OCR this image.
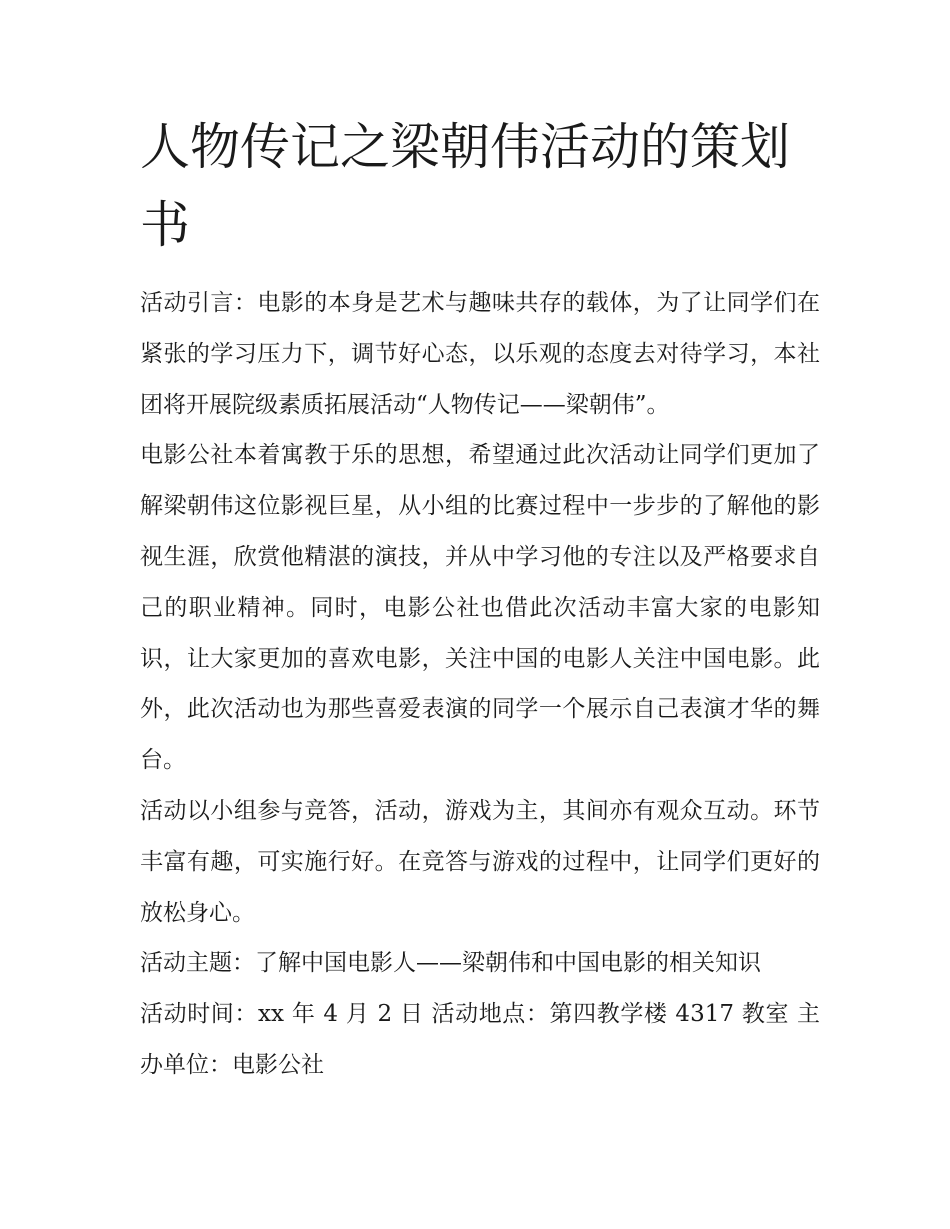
人物传记之梁朝伟活动的策划书

活动引言：电影的本身是艺术与趣味共存的载体，为了让同学们在紧张的学习压力下，调节好心态，以乐观的态度去对待学习，本社团将开展院级素质拓展活动“人物传记——梁朝伟”。

电影公社本着寓教于乐的思想，希望通过此次活动让同学们更加了解梁朝伟这位影视巨星，从小组的比赛过程中一步步的了解他的影视生涯，欣赏他精湛的演技，并从中学习他的专注以及严格要求自己的职业精神。同时，电影公社也借此次活动丰富大家的电影知识，让大家更加的喜欢电影，关注中国的电影人关注中国电影。此外，此次活动也为那些喜爱表演的同学一个展示自己表演才华的舞台。

活动以小组参与竞答，活动，游戏为主，其间亦有观众互动。环节丰富有趣，可实施行好。在竞答与游戏的过程中，让同学们更好的放松身心。

活动主题：了解中国电影人——梁朝伟和中国电影的相关知识

活动时间：xx 年 4 月 2 日 活动地点：第四教学楼 4317 教室 主办单位：电影公社
